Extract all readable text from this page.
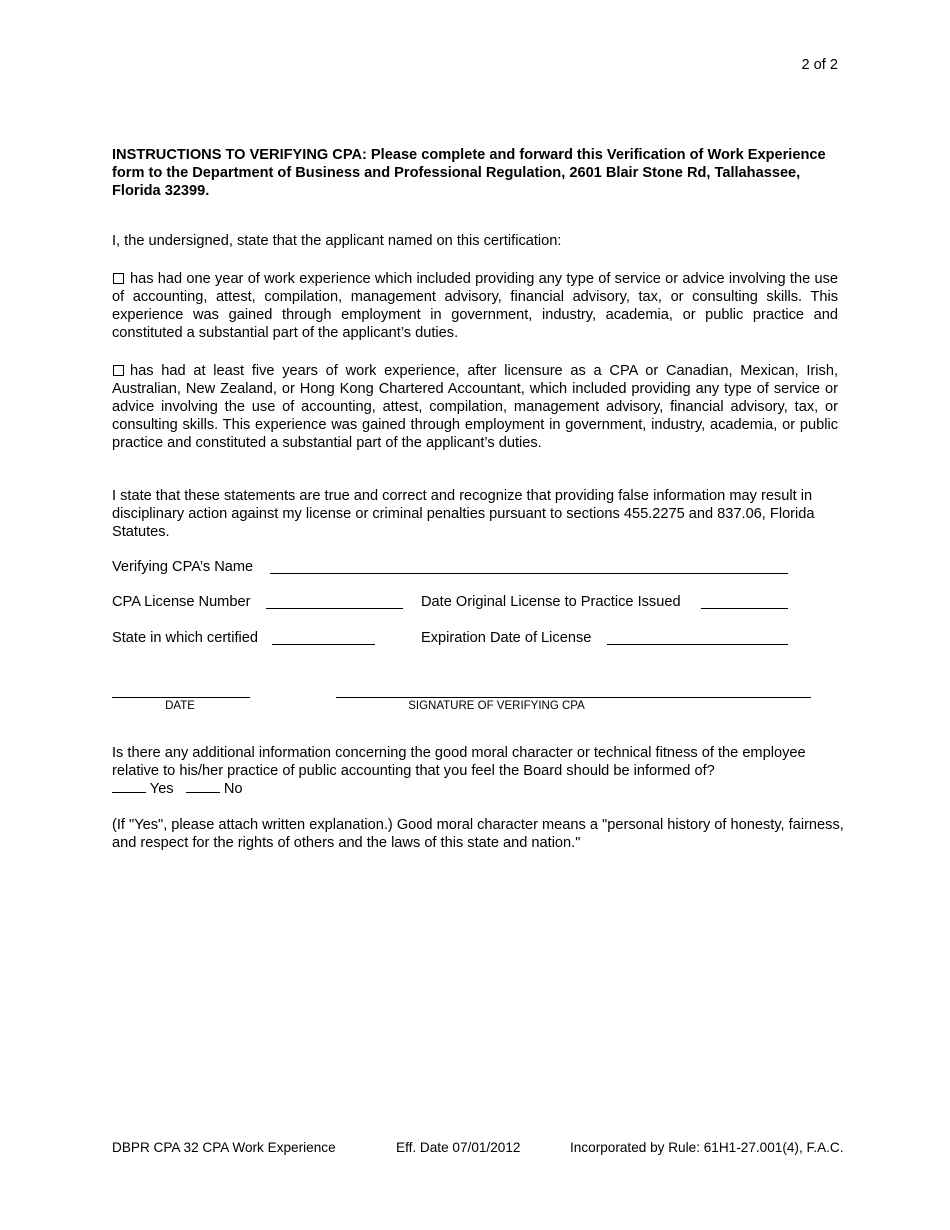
2 of 2
INSTRUCTIONS TO VERIFYING CPA: Please complete and forward this Verification of Work Experience form to the Department of Business and Professional Regulation, 2601 Blair Stone Rd, Tallahassee, Florida 32399.
I, the undersigned, state that the applicant named on this certification:
has had one year of work experience which included providing any type of service or advice involving the use of accounting, attest, compilation, management advisory, financial advisory, tax, or consulting skills. This experience was gained through employment in government, industry, academia, or public practice and constituted a substantial part of the applicant’s duties.
has had at least five years of work experience, after licensure as a CPA or Canadian, Mexican, Irish, Australian, New Zealand, or Hong Kong Chartered Accountant, which included providing any type of service or advice involving the use of accounting, attest, compilation, management advisory, financial advisory, tax, or consulting skills. This experience was gained through employment in government, industry, academia, or public practice and constituted a substantial part of the applicant’s duties.
I state that these statements are true and correct and recognize that providing false information may result in disciplinary action against my license or criminal penalties pursuant to sections 455.2275 and 837.06, Florida Statutes.
Verifying CPA’s Name
CPA License Number	Date Original License to Practice Issued
State in which certified	Expiration Date of License
DATE	SIGNATURE OF VERIFYING CPA
Is there any additional information concerning the good moral character or technical fitness of the employee relative to his/her practice of public accounting that you feel the Board should be informed of?
Yes	No
(If "Yes", please attach written explanation.) Good moral character means a "personal history of honesty, fairness, and respect for the rights of others and the laws of this state and nation."
DBPR CPA 32 CPA Work Experience	Eff. Date 07/01/2012	Incorporated by Rule: 61H1-27.001(4), F.A.C.
